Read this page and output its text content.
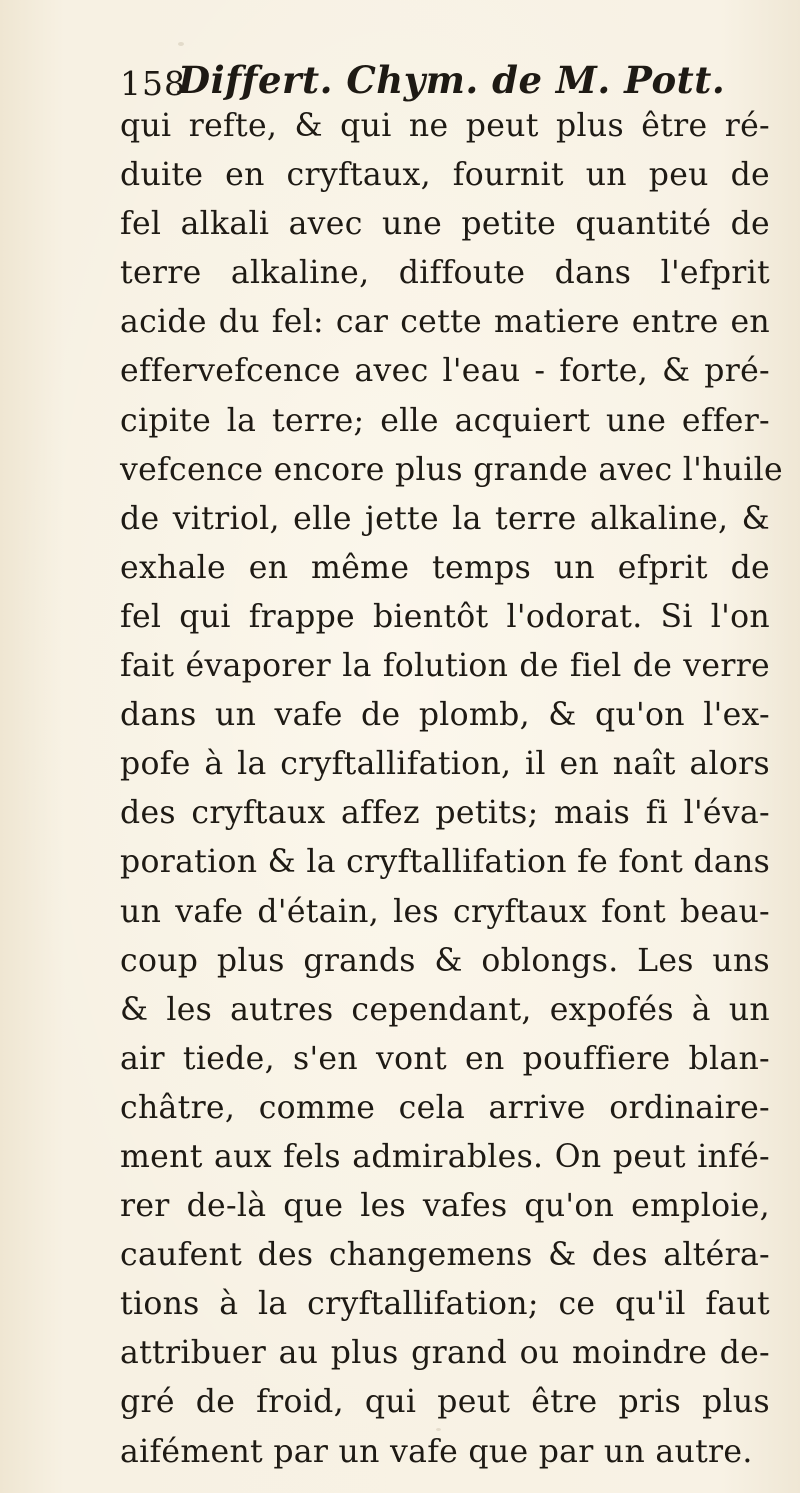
158
Differt. Chym. de M. Pott.
qui refte, & qui ne peut plus être ré-
duite en cryftaux, fournit un peu de
fel alkali avec une petite quantité de
terre alkaline, diffoute dans l'efprit
acide du fel: car cette matiere entre en
effervefcence avec l'eau - forte, & pré-
cipite la terre; elle acquiert une effer-
vefcence encore plus grande avec l'huile
de vitriol, elle jette la terre alkaline, &
exhale en même temps un efprit de
fel qui frappe bientôt l'odorat. Si l'on
fait évaporer la folution de fiel de verre
dans un vafe de plomb, & qu'on l'ex-
pofe à la cryftallifation, il en naît alors
des cryftaux affez petits; mais fi l'éva-
poration & la cryftallifation fe font dans
un vafe d'étain, les cryftaux font beau-
coup plus grands & oblongs. Les uns
& les autres cependant, expofés à un
air tiede, s'en vont en pouffiere blan-
châtre, comme cela arrive ordinaire-
ment aux fels admirables. On peut infé-
rer de-là que les vafes qu'on emploie,
caufent des changemens & des altéra-
tions à la cryftallifation; ce qu'il faut
attribuer au plus grand ou moindre de-
gré de froid, qui peut être pris plus
aifément par un vafe que par un autre.
